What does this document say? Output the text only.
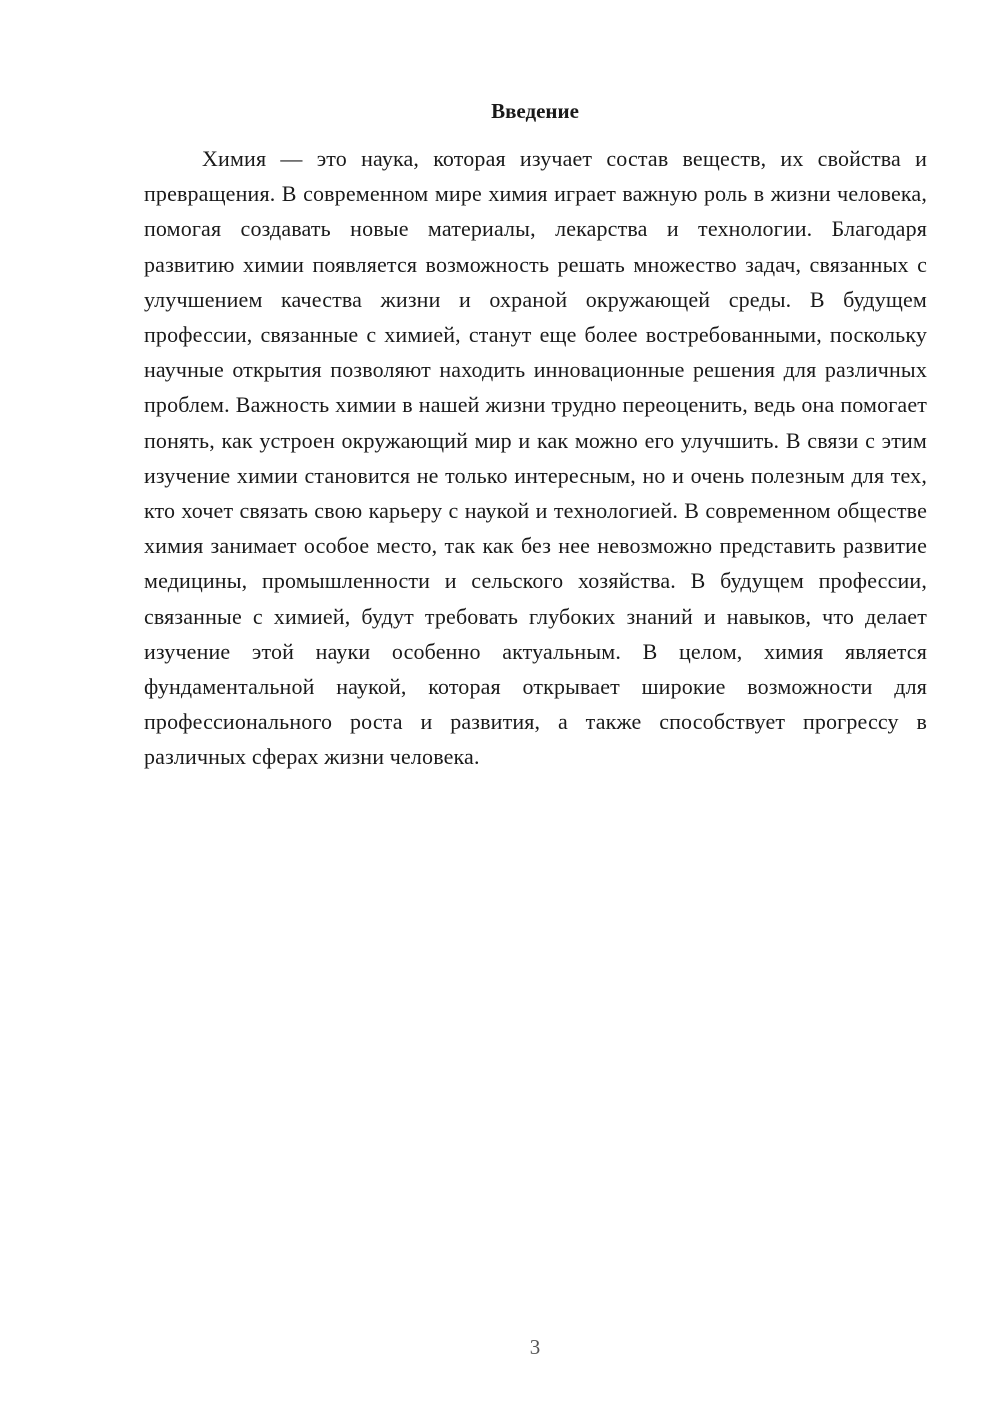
Введение

Химия — это наука, которая изучает состав веществ, их свойства и превращения. В современном мире химия играет важную роль в жизни человека, помогая создавать новые материалы, лекарства и технологии. Благодаря развитию химии появляется возможность решать множество задач, связанных с улучшением качества жизни и охраной окружающей среды. В будущем профессии, связанные с химией, станут еще более востребованными, поскольку научные открытия позволяют находить инновационные решения для различных проблем. Важность химии в нашей жизни трудно переоценить, ведь она помогает понять, как устроен окружающий мир и как можно его улучшить. В связи с этим изучение химии становится не только интересным, но и очень полезным для тех, кто хочет связать свою карьеру с наукой и технологией. В современном обществе химия занимает особое место, так как без нее невозможно представить развитие медицины, промышленности и сельского хозяйства. В будущем профессии, связанные с химией, будут требовать глубоких знаний и навыков, что делает изучение этой науки особенно актуальным. В целом, химия является фундаментальной наукой, которая открывает широкие возможности для профессионального роста и развития, а также способствует прогрессу в различных сферах жизни человека.

3
